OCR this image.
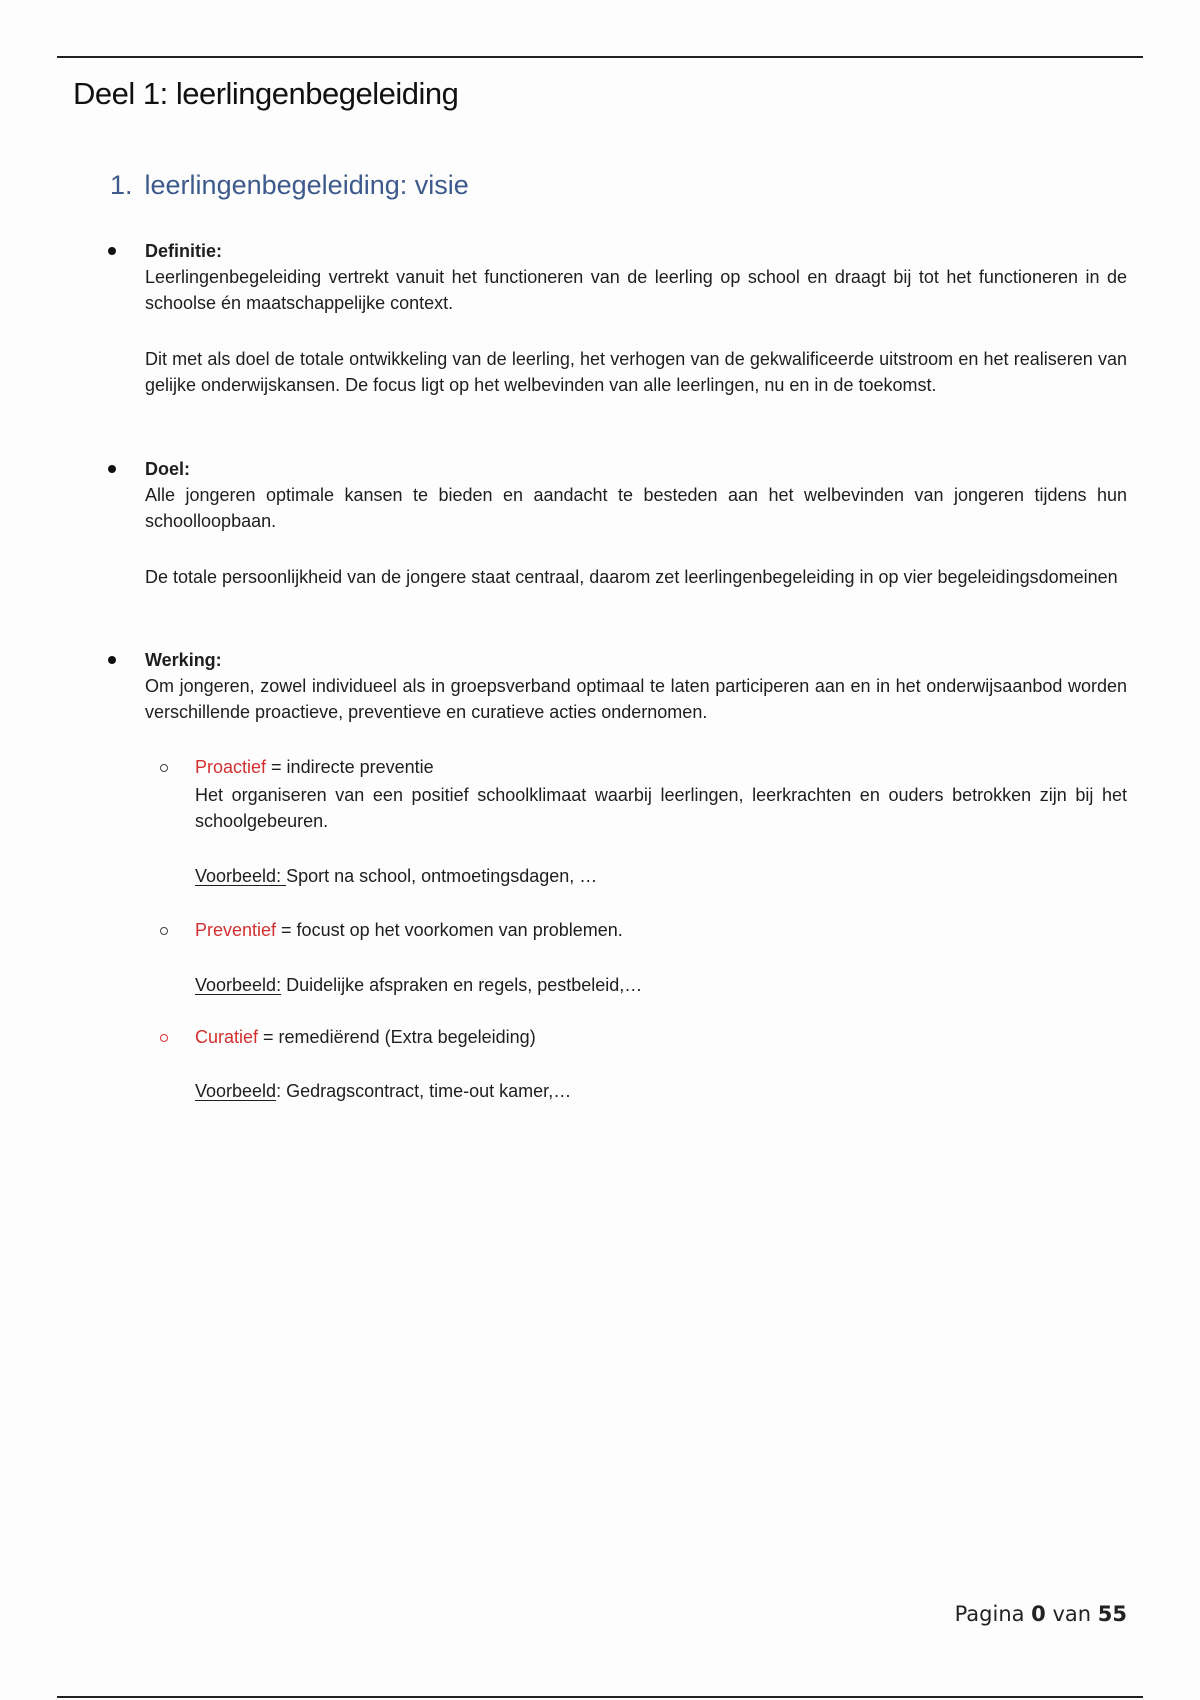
Deel 1: leerlingenbegeleiding
1. leerlingenbegeleiding: visie
Definitie:

Leerlingenbegeleiding vertrekt vanuit het functioneren van de leerling op school en draagt bij tot het functioneren in de schoolse én maatschappelijke context.

Dit met als doel de totale ontwikkeling van de leerling, het verhogen van de gekwalificeerde uitstroom en het realiseren van gelijke onderwijskansen. De focus ligt op het welbevinden van alle leerlingen, nu en in de toekomst.

Doel:

Alle jongeren optimale kansen te bieden en aandacht te besteden aan het welbevinden van jongeren tijdens hun schoolloopbaan.

De totale persoonlijkheid van de jongere staat centraal, daarom zet leerlingenbegeleiding in op vier begeleidingsdomeinen

Werking:

Om jongeren, zowel individueel als in groepsverband optimaal te laten participeren aan en in het onderwijsaanbod worden verschillende proactieve, preventieve en curatieve acties ondernomen.

Proactief = indirecte preventie

Het organiseren van een positief schoolklimaat waarbij leerlingen, leerkrachten en ouders betrokken zijn bij het schoolgebeuren.

Voorbeeld: Sport na school, ontmoetingsdagen, …
Preventief = focust op het voorkomen van problemen.
Voorbeeld: Duidelijke afspraken en regels, pestbeleid,…
Curatief = remediërend (Extra begeleiding)
Voorbeeld: Gedragscontract, time-out kamer,…
Pagina 0 van 55
